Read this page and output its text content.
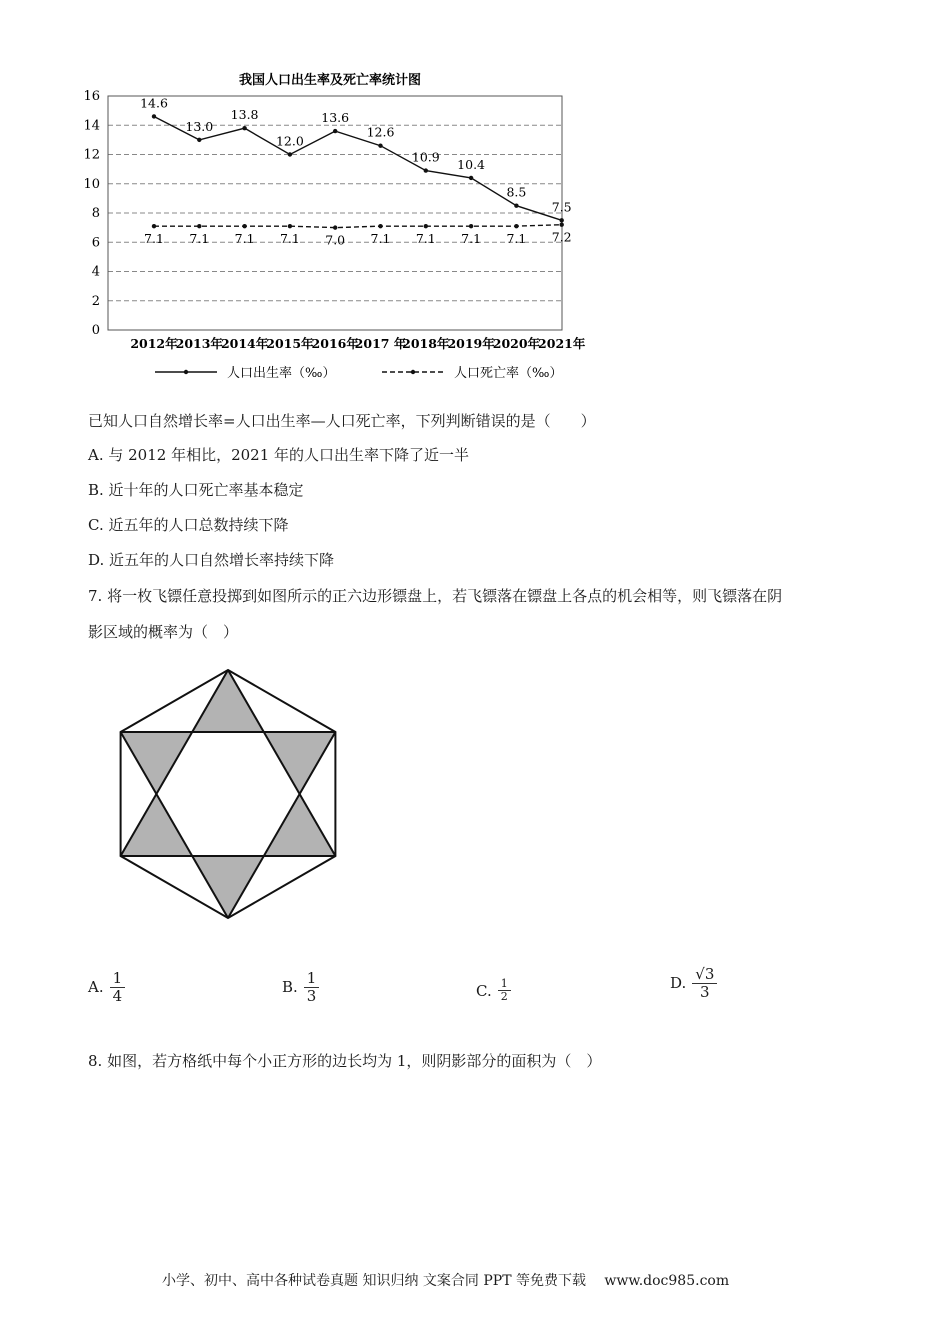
我国人口出生率及死亡率统计图
0
2
4
6
8
10
12
14
16
2012年
2013年
2014年
2015年
2016年
2017 年
2018年
2019年
2020年
2021年
14.6
13.0
13.8
12.0
13.6
12.6
10.9 10.4
8.5
7.5
7.1 7.1 7.1 7.1 7.0 7.1 7.1 7.1 7.1 7.2
人口出生率（‰）	人口死亡率（‰）
已知人口自然增长率=人口出生率—人口死亡率，下列判断错误的是（　　）
A. 与 2012 年相比，2021 年的人口出生率下降了近一半
B. 近十年的人口死亡率基本稳定
C. 近五年的人口总数持续下降
D. 近五年的人口自然增长率持续下降
7. 将一枚飞镖任意投掷到如图所示的正六边形镖盘上，若飞镖落在镖盘上各点的机会相等，则飞镖落在阴
影区域的概率为（　）
A. $\frac{1}{4}$	B. $\frac{1}{3}$	C. $\frac{1}{2}$	D. $\frac{√3}{3}$
8. 如图，若方格纸中每个小正方形的边长均为 1，则阴影部分的面积为（　）
小学、初中、高中各种试卷真题 知识归纳 文案合同 PPT 等免费下载　 www.doc985.com
